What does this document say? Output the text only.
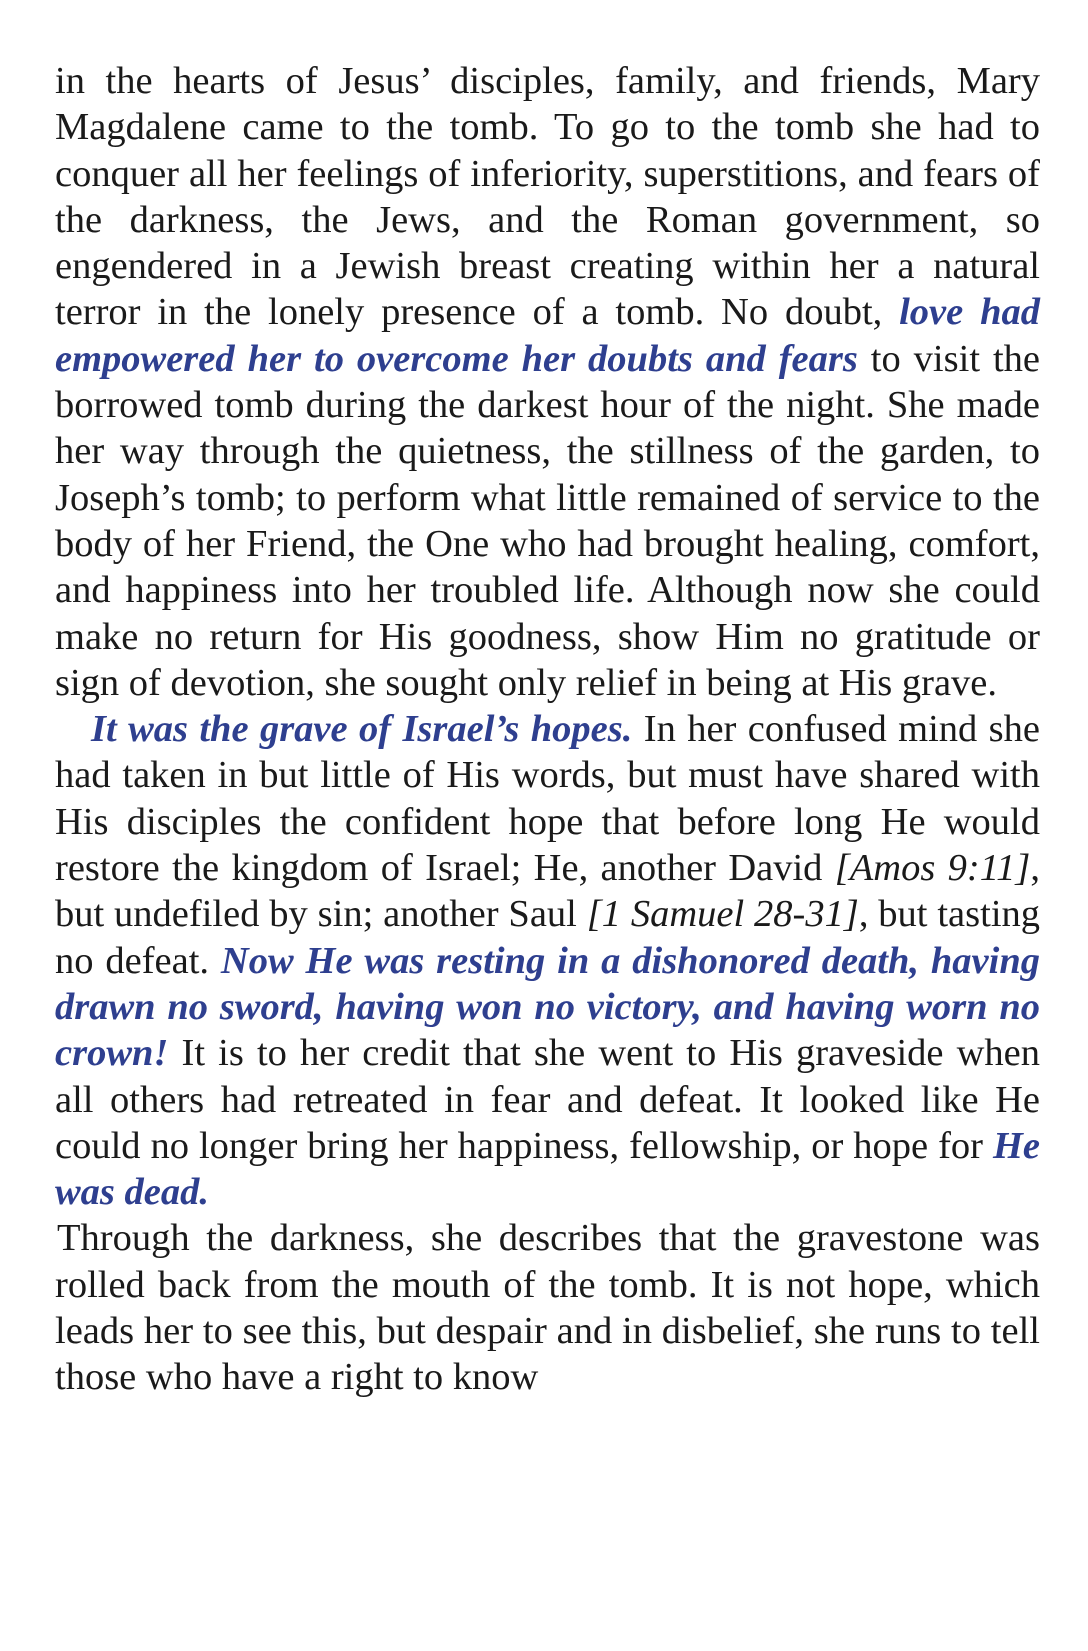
in the hearts of Jesus’ disciples, family, and friends, Mary Magdalene came to the tomb. To go to the tomb she had to conquer all her feelings of inferiority, superstitions, and fears of the darkness, the Jews, and the Roman government, so engendered in a Jewish breast creating within her a natural terror in the lonely presence of a tomb. No doubt, love had empowered her to overcome her doubts and fears to visit the borrowed tomb during the darkest hour of the night. She made her way through the quietness, the stillness of the garden, to Joseph’s tomb; to perform what little remained of service to the body of her Friend, the One who had brought healing, comfort, and happiness into her troubled life. Although now she could make no return for His goodness, show Him no gratitude or sign of devotion, she sought only relief in being at His grave.

It was the grave of Israel’s hopes. In her confused mind she had taken in but little of His words, but must have shared with His disciples the confident hope that before long He would restore the kingdom of Israel; He, another David [Amos 9:11], but undefiled by sin; another Saul [1 Samuel 28-31], but tasting no defeat. Now He was resting in a dishonored death, having drawn no sword, having won no victory, and having worn no crown! It is to her credit that she went to His graveside when all others had retreated in fear and defeat. It looked like He could no longer bring her happiness, fellowship, or hope for He was dead.

Through the darkness, she describes that the gravestone was rolled back from the mouth of the tomb. It is not hope, which leads her to see this, but despair and in disbelief, she runs to tell those who have a right to know
